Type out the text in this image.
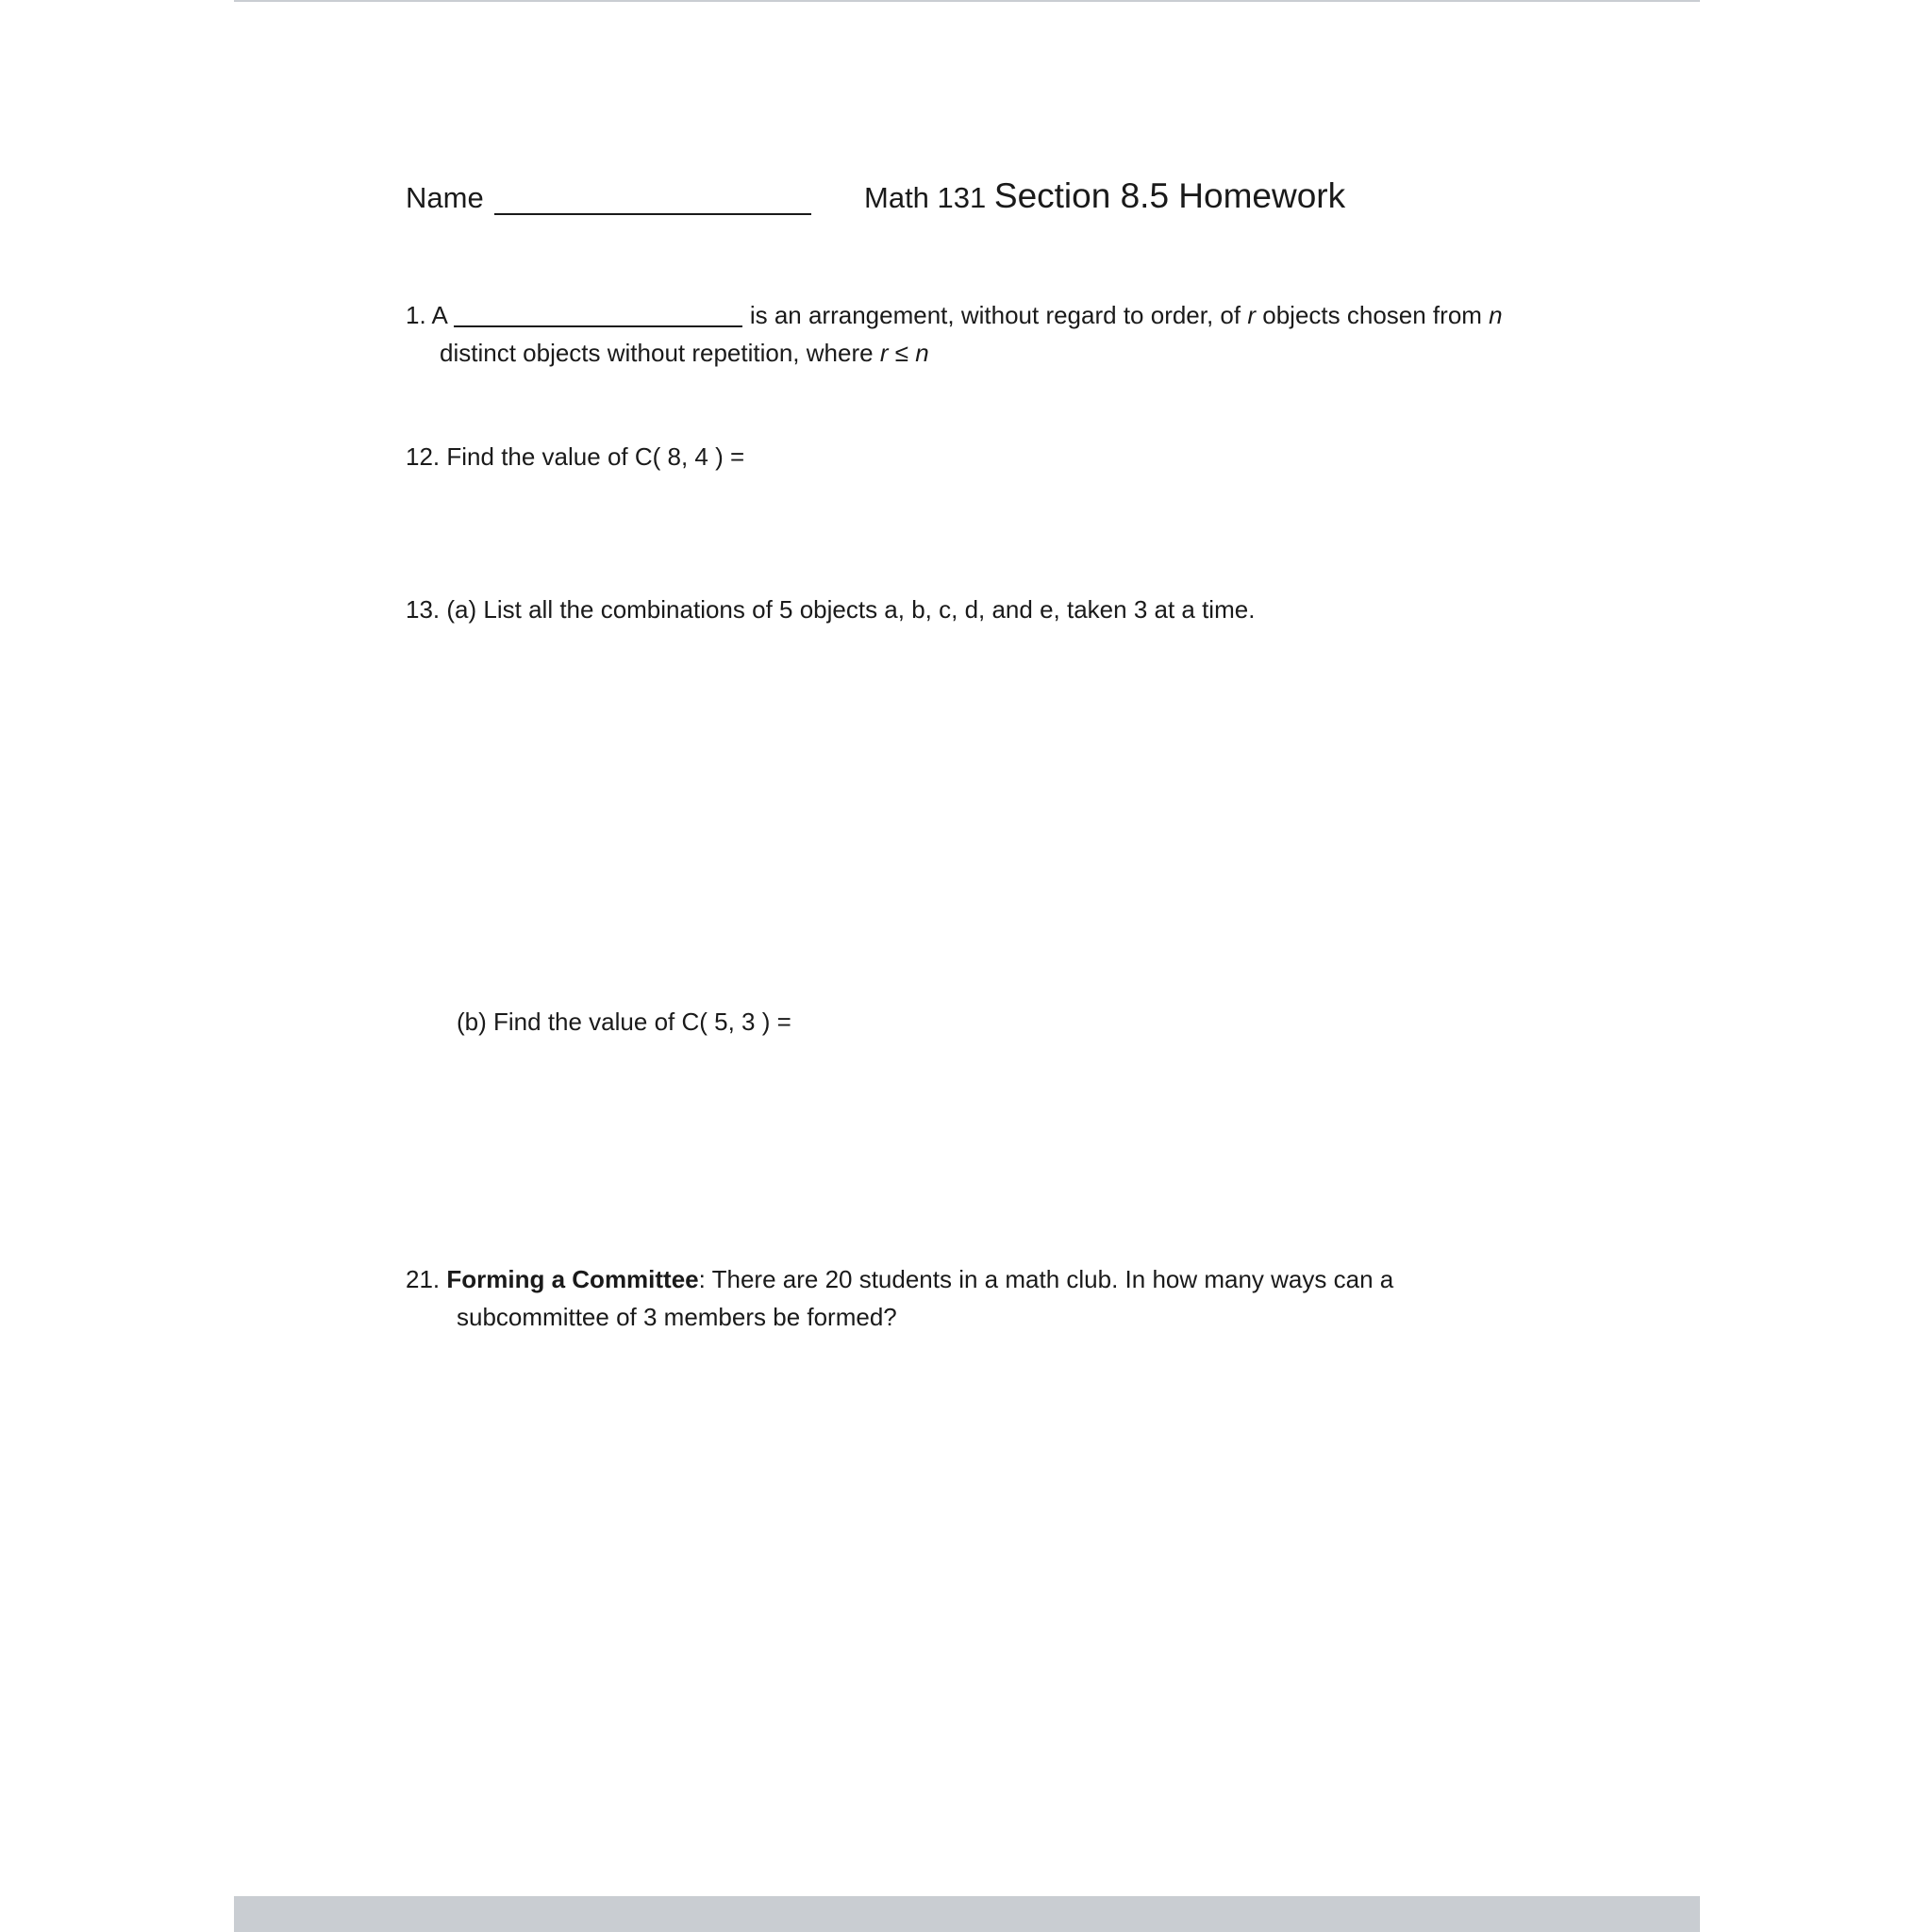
Name	Math 131 Section 8.5 Homework
1. A	is an arrangement, without regard to order, of r objects chosen from n
distinct objects without repetition, where r ≤ n
12. Find the value of C( 8, 4 ) =
13. (a) List all the combinations of 5 objects a, b, c, d, and e, taken 3 at a time.
(b) Find the value of C( 5, 3 ) =
21. Forming a Committee: There are 20 students in a math club. In how many ways can a
subcommittee of 3 members be formed?
